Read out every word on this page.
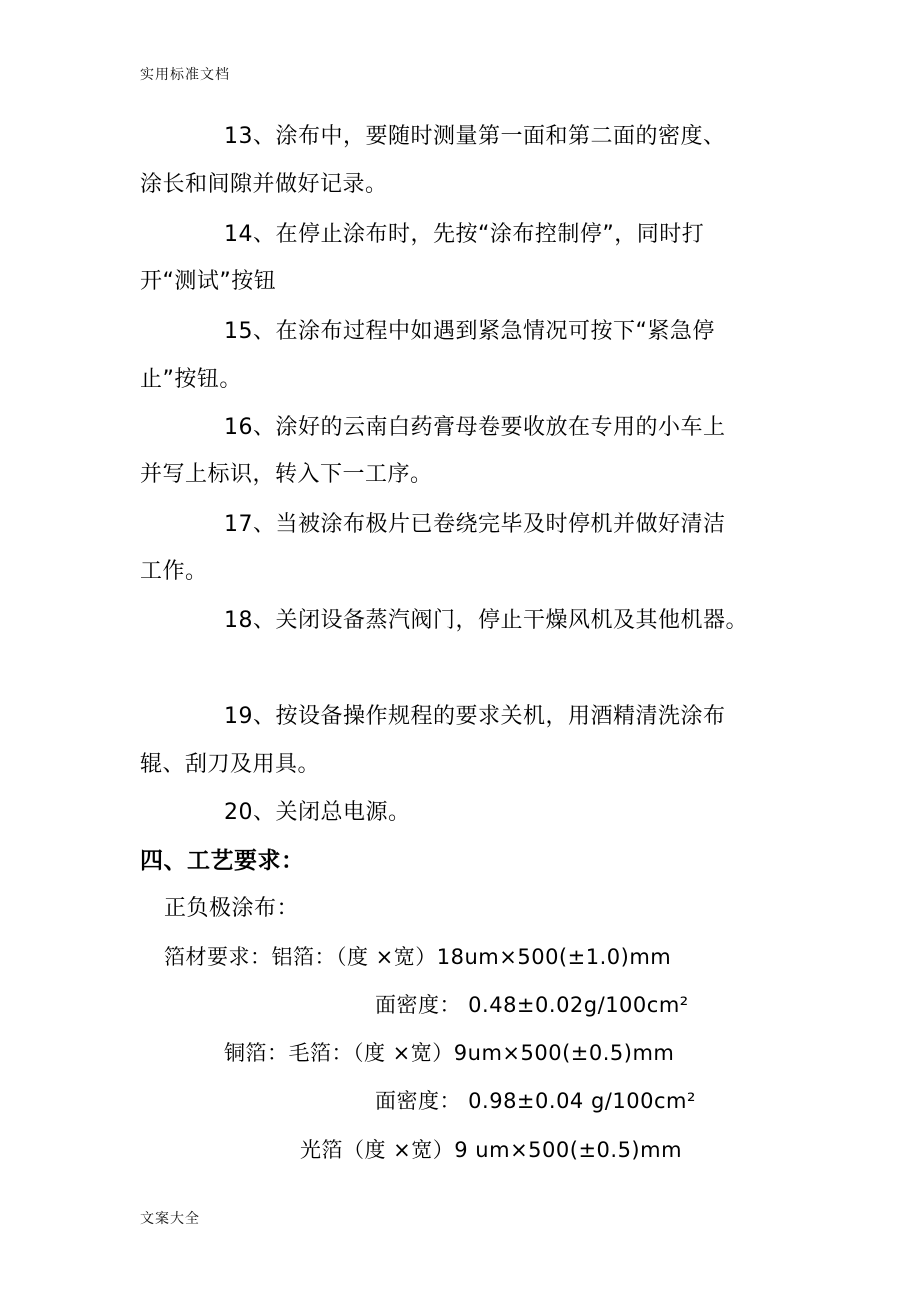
实用标准文档
13、涂布中，要随时测量第一面和第二面的密度、
涂长和间隙并做好记录。
14、在停止涂布时，先按“涂布控制停”，同时打
开“测试”按钮
15、在涂布过程中如遇到紧急情况可按下“紧急停
止”按钮。
16、涂好的云南白药膏母卷要收放在专用的小车上
并写上标识，转入下一工序。
17、当被涂布极片已卷绕完毕及时停机并做好清洁
工作。
18、关闭设备蒸汽阀门，停止干燥风机及其他机器。
19、按设备操作规程的要求关机，用酒精清洗涂布
辊、刮刀及用具。
20、关闭总电源。
四、工艺要求：
正负极涂布：
箔材要求：铝箔：（度 ×宽）18um×500(±1.0)mm
面密度： 0.48±0.02g/100cm²
铜箔：毛箔：（度 ×宽）9um×500(±0.5)mm
面密度： 0.98±0.04 g/100cm²
光箔（度 ×宽）9 um×500(±0.5)mm
文案大全
